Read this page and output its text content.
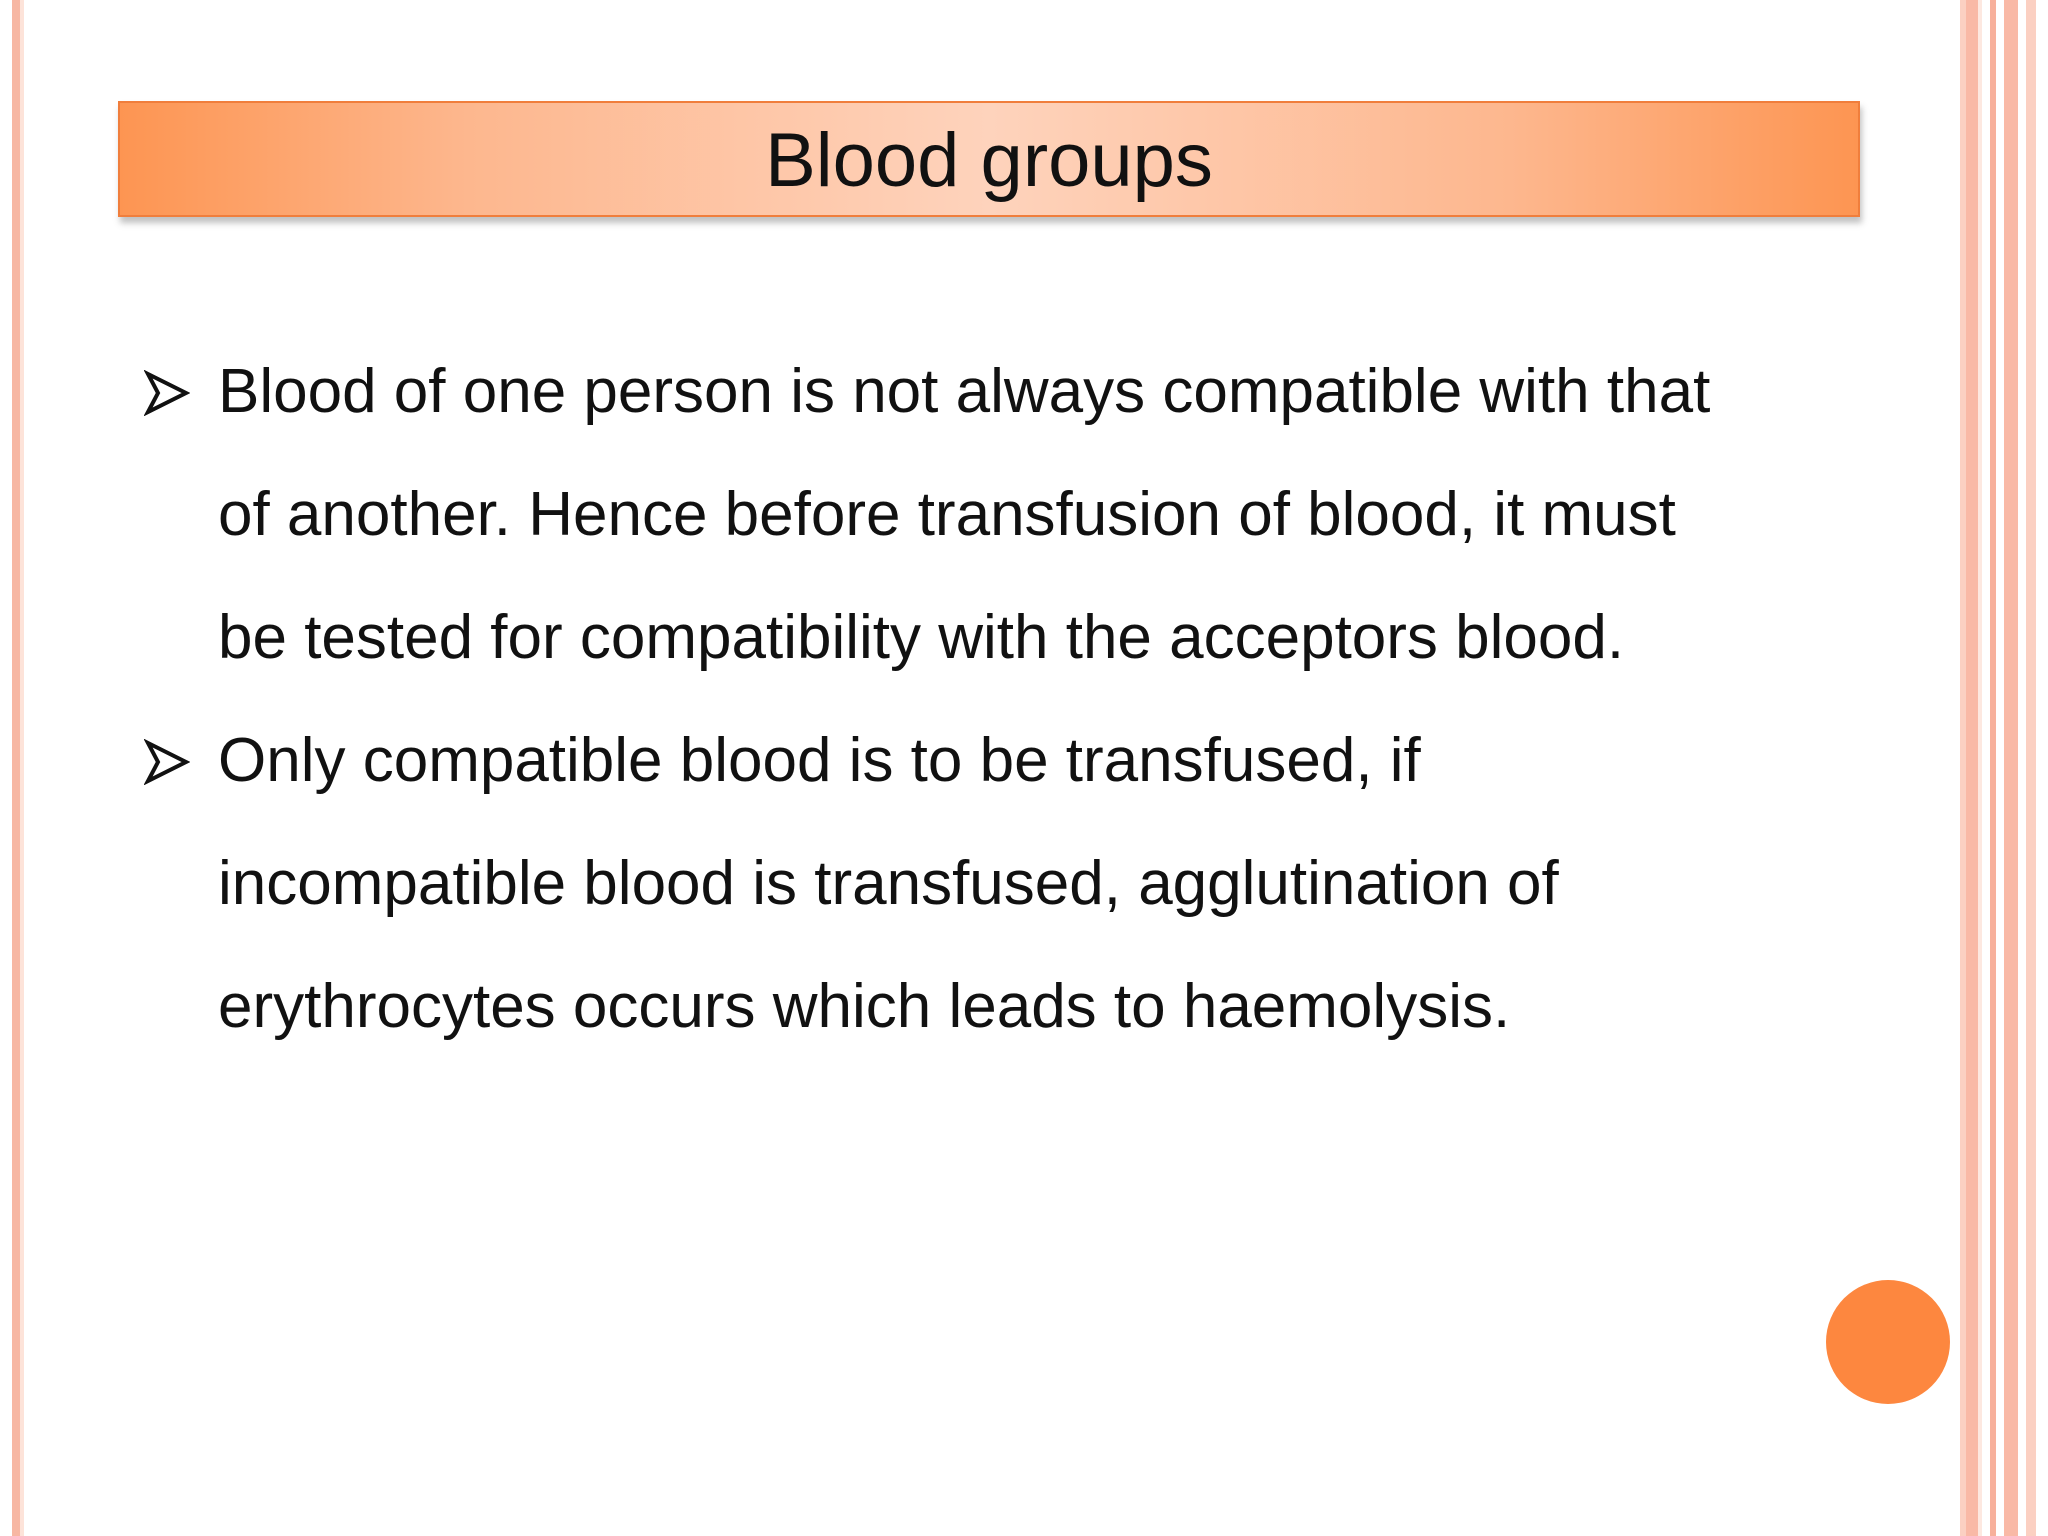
Blood groups
Blood of one person is not always compatible with that
of another. Hence before transfusion of blood, it must
be tested for compatibility with the acceptors blood.
Only compatible blood is to be transfused, if
incompatible blood is transfused, agglutination of
erythrocytes occurs which leads to haemolysis.
